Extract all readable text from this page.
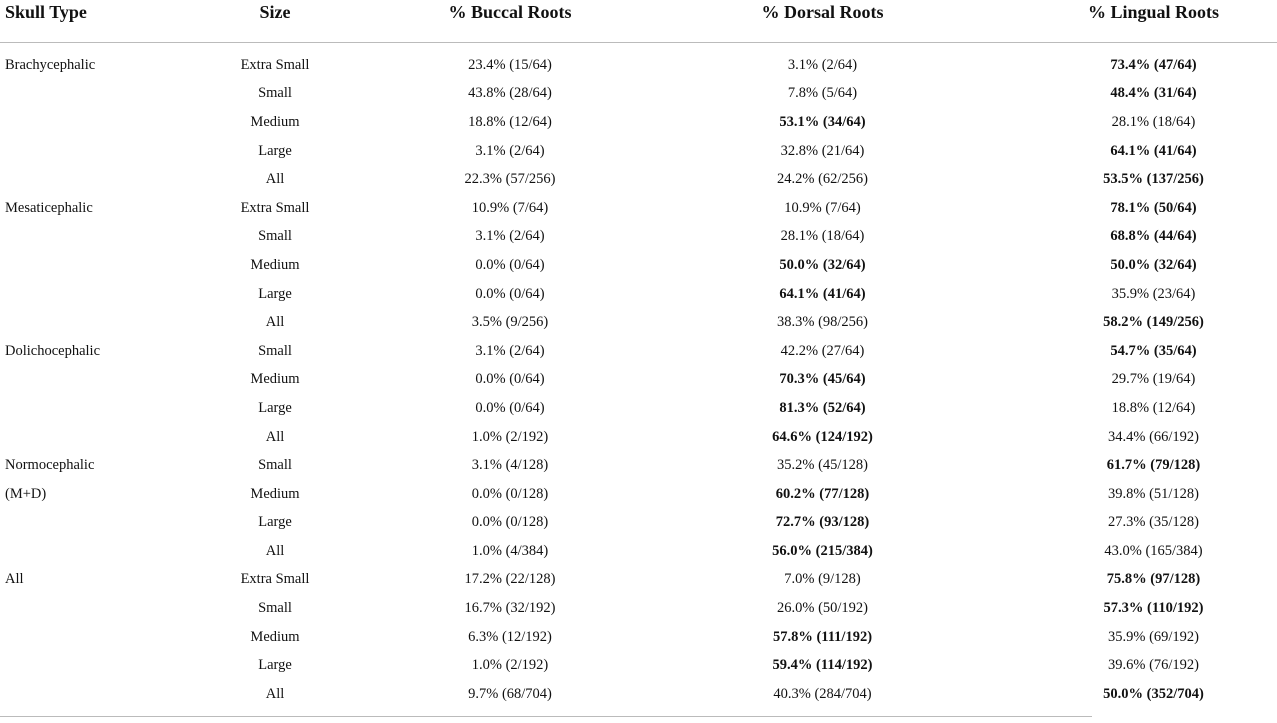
Skull Type	Size	% Buccal Roots	% Dorsal Roots	% Lingual Roots
Brachycephalic	Extra Small	23.4% (15/64)	3.1% (2/64)	73.4% (47/64)
	Small	43.8% (28/64)	7.8% (5/64)	48.4% (31/64)
	Medium	18.8% (12/64)	53.1% (34/64)	28.1% (18/64)
	Large	3.1% (2/64)	32.8% (21/64)	64.1% (41/64)
	All	22.3% (57/256)	24.2% (62/256)	53.5% (137/256)
Mesaticephalic	Extra Small	10.9% (7/64)	10.9% (7/64)	78.1% (50/64)
	Small	3.1% (2/64)	28.1% (18/64)	68.8% (44/64)
	Medium	0.0% (0/64)	50.0% (32/64)	50.0% (32/64)
	Large	0.0% (0/64)	64.1% (41/64)	35.9% (23/64)
	All	3.5% (9/256)	38.3% (98/256)	58.2% (149/256)
Dolichocephalic	Small	3.1% (2/64)	42.2% (27/64)	54.7% (35/64)
	Medium	0.0% (0/64)	70.3% (45/64)	29.7% (19/64)
	Large	0.0% (0/64)	81.3% (52/64)	18.8% (12/64)
	All	1.0% (2/192)	64.6% (124/192)	34.4% (66/192)
Normocephalic	Small	3.1% (4/128)	35.2% (45/128)	61.7% (79/128)
(M+D)	Medium	0.0% (0/128)	60.2% (77/128)	39.8% (51/128)
	Large	0.0% (0/128)	72.7% (93/128)	27.3% (35/128)
	All	1.0% (4/384)	56.0% (215/384)	43.0% (165/384)
All	Extra Small	17.2% (22/128)	7.0% (9/128)	75.8% (97/128)
	Small	16.7% (32/192)	26.0% (50/192)	57.3% (110/192)
	Medium	6.3% (12/192)	57.8% (111/192)	35.9% (69/192)
	Large	1.0% (2/192)	59.4% (114/192)	39.6% (76/192)
	All	9.7% (68/704)	40.3% (284/704)	50.0% (352/704)
